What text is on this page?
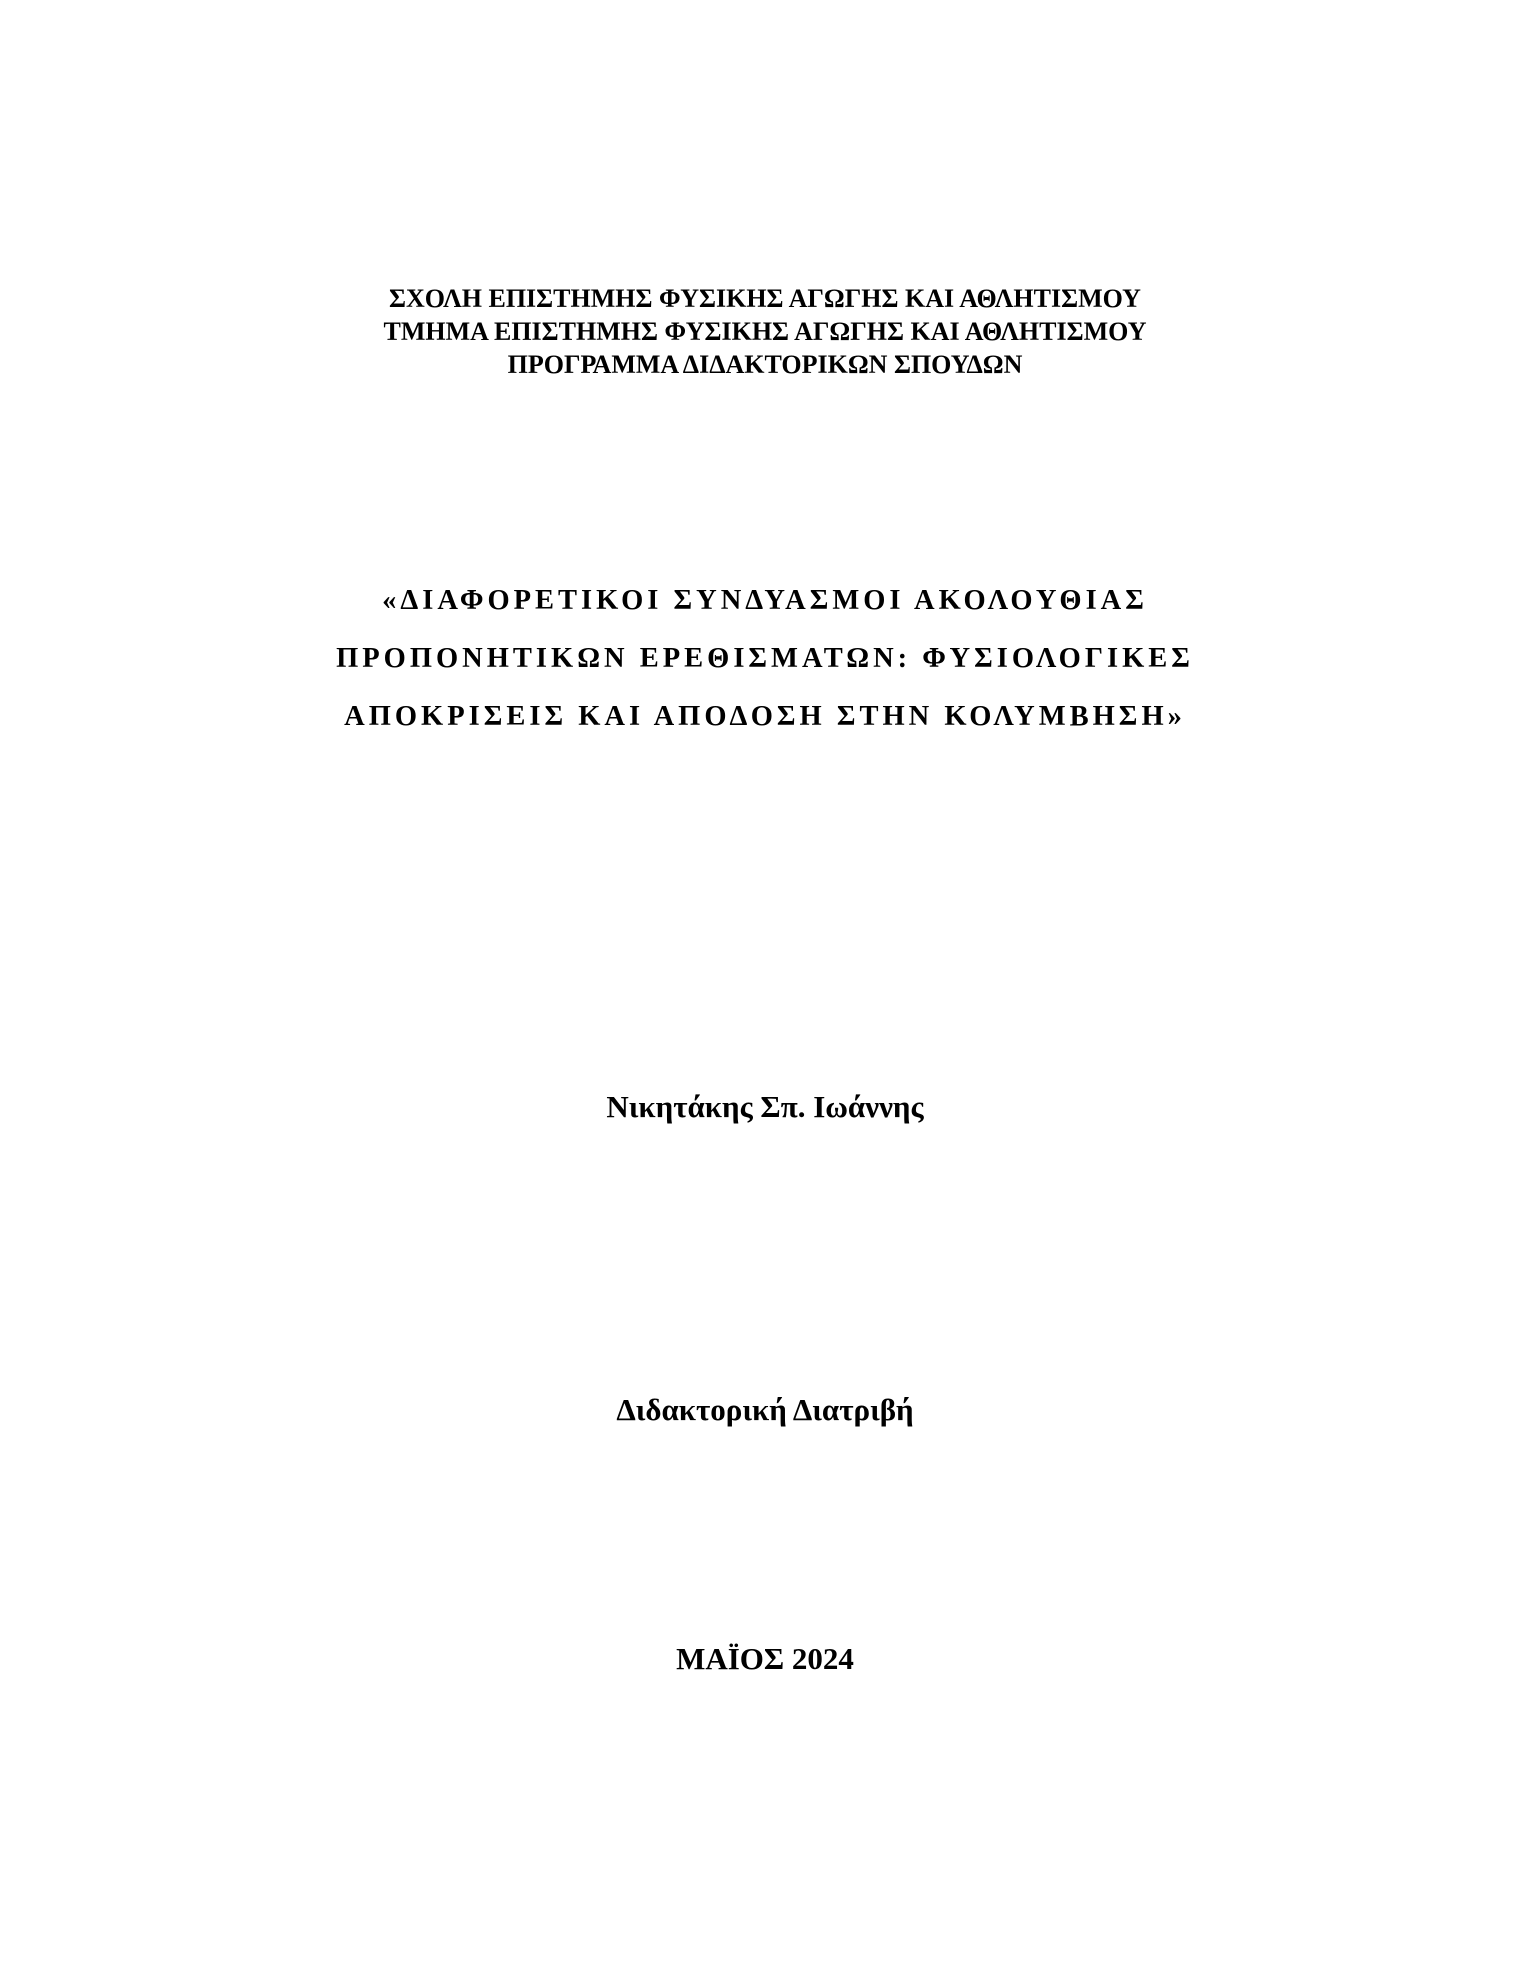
ΣΧΟΛΗ ΕΠΙΣΤΗΜΗΣ ΦΥΣΙΚΗΣ ΑΓΩΓΗΣ ΚΑΙ ΑΘΛΗΤΙΣΜΟΥ
ΤΜΗΜΑ ΕΠΙΣΤΗΜΗΣ ΦΥΣΙΚΗΣ ΑΓΩΓΗΣ ΚΑΙ ΑΘΛΗΤΙΣΜΟΥ
ΠΡΟΓΡΑΜΜΑ ΔΙΔΑΚΤΟΡΙΚΩΝ ΣΠΟΥΔΩΝ
«ΔΙΑΦΟΡΕΤΙΚΟΙ ΣΥΝΔΥΑΣΜΟΙ ΑΚΟΛΟΥΘΙΑΣ
ΠΡΟΠΟΝΗΤΙΚΩΝ ΕΡΕΘΙΣΜΑΤΩΝ: ΦΥΣΙΟΛΟΓΙΚΕΣ
ΑΠΟΚΡΙΣΕΙΣ ΚΑΙ ΑΠΟΔΟΣΗ ΣΤΗΝ ΚΟΛΥΜΒΗΣΗ»
Νικητάκης Σπ. Ιωάννης
Διδακτορική Διατριβή
ΜΑΪΟΣ 2024
